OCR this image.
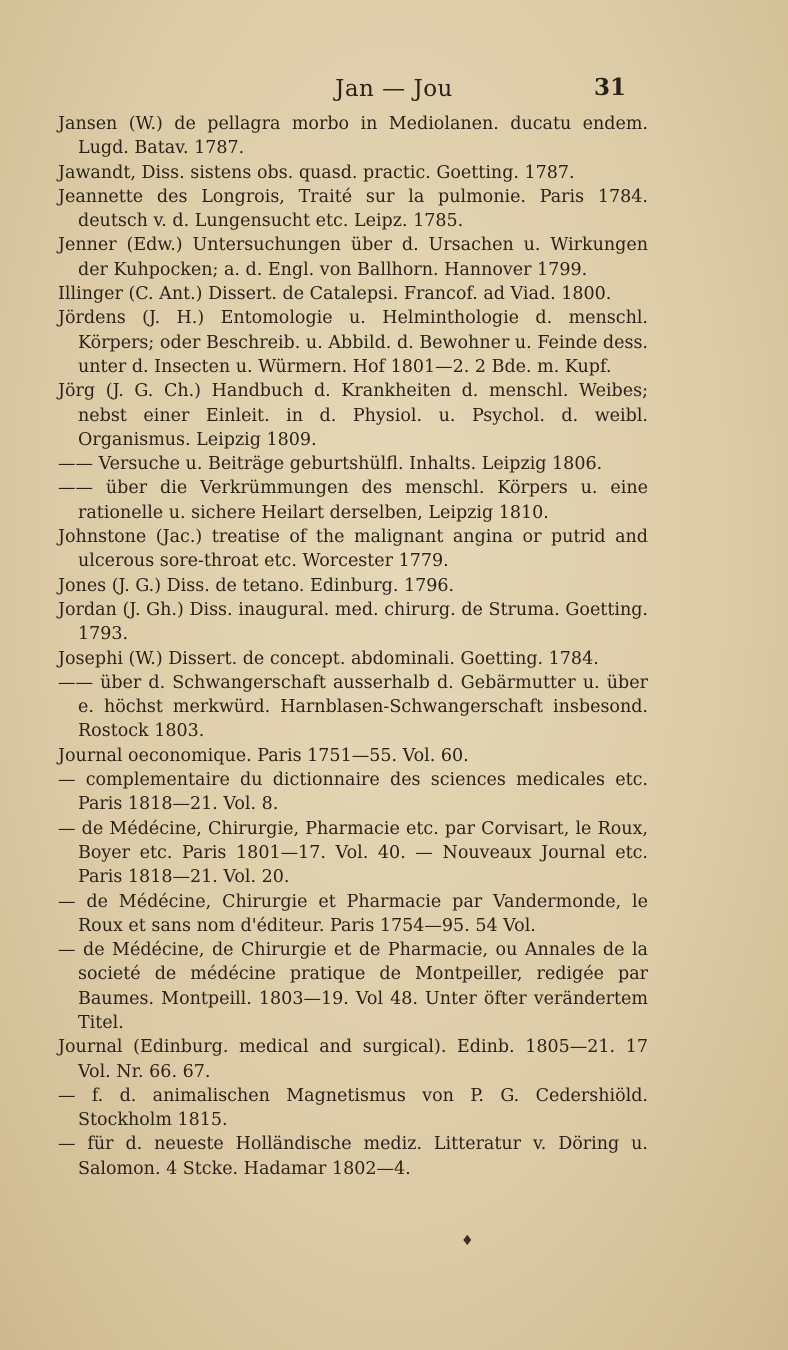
Jan — Jou	31

Jansen (W.) de pellagra morbo in Mediolanen. ducatu endem. Lugd. Batav. 1787.

Jawandt, Diss. sistens obs. quasd. practic. Goetting. 1787.

Jeannette des Longrois, Traité sur la pulmonie. Paris 1784. deutsch v. d. Lungensucht etc. Leipz. 1785.

Jenner (Edw.) Untersuchungen über d. Ursachen u. Wirkungen der Kuhpocken; a. d. Engl. von Ballhorn. Hannover 1799.

Illinger (C. Ant.) Dissert. de Catalepsi. Francof. ad Viad. 1800.

Jördens (J. H.) Entomologie u. Helminthologie d. menschl. Körpers; oder Beschreib. u. Abbild. d. Bewohner u. Feinde dess. unter d. Insecten u. Würmern. Hof 1801—2. 2 Bde. m. Kupf.

Jörg (J. G. Ch.) Handbuch d. Krankheiten d. menschl. Weibes; nebst einer Einleit. in d. Physiol. u. Psychol. d. weibl. Organismus. Leipzig 1809.

—— Versuche u. Beiträge geburtshülfl. Inhalts. Leipzig 1806.

—— über die Verkrümmungen des menschl. Körpers u. eine rationelle u. sichere Heilart derselben, Leipzig 1810.

Johnstone (Jac.) treatise of the malignant angina or putrid and ulcerous sore-throat etc. Worcester 1779.

Jones (J. G.) Diss. de tetano. Edinburg. 1796.

Jordan (J. Gh.) Diss. inaugural. med. chirurg. de Struma. Goetting. 1793.

Josephi (W.) Dissert. de concept. abdominali. Goetting. 1784.

—— über d. Schwangerschaft ausserhalb d. Gebärmutter u. über e. höchst merkwürd. Harnblasen-Schwangerschaft insbesond. Rostock 1803.

Journal oeconomique. Paris 1751—55. Vol. 60.

— complementaire du dictionnaire des sciences medicales etc. Paris 1818—21. Vol. 8.

— de Médécine, Chirurgie, Pharmacie etc. par Corvisart, le Roux, Boyer etc. Paris 1801—17. Vol. 40. — Nouveaux Journal etc. Paris 1818—21. Vol. 20.

— de Médécine, Chirurgie et Pharmacie par Vandermonde, le Roux et sans nom d'éditeur. Paris 1754—95. 54 Vol.

— de Médécine, de Chirurgie et de Pharmacie, ou Annales de la societé de médécine pratique de Montpeiller, redigée par Baumes. Montpeill. 1803—19. Vol 48. Unter öfter verändertem Titel.

Journal (Edinburg. medical and surgical). Edinb. 1805—21. 17 Vol. Nr. 66. 67.

— f. d. animalischen Magnetismus von P. G. Cedershiöld. Stockholm 1815.

— für d. neueste Holländische mediz. Litteratur v. Döring u. Salomon. 4 Stcke. Hadamar 1802—4.

♦
